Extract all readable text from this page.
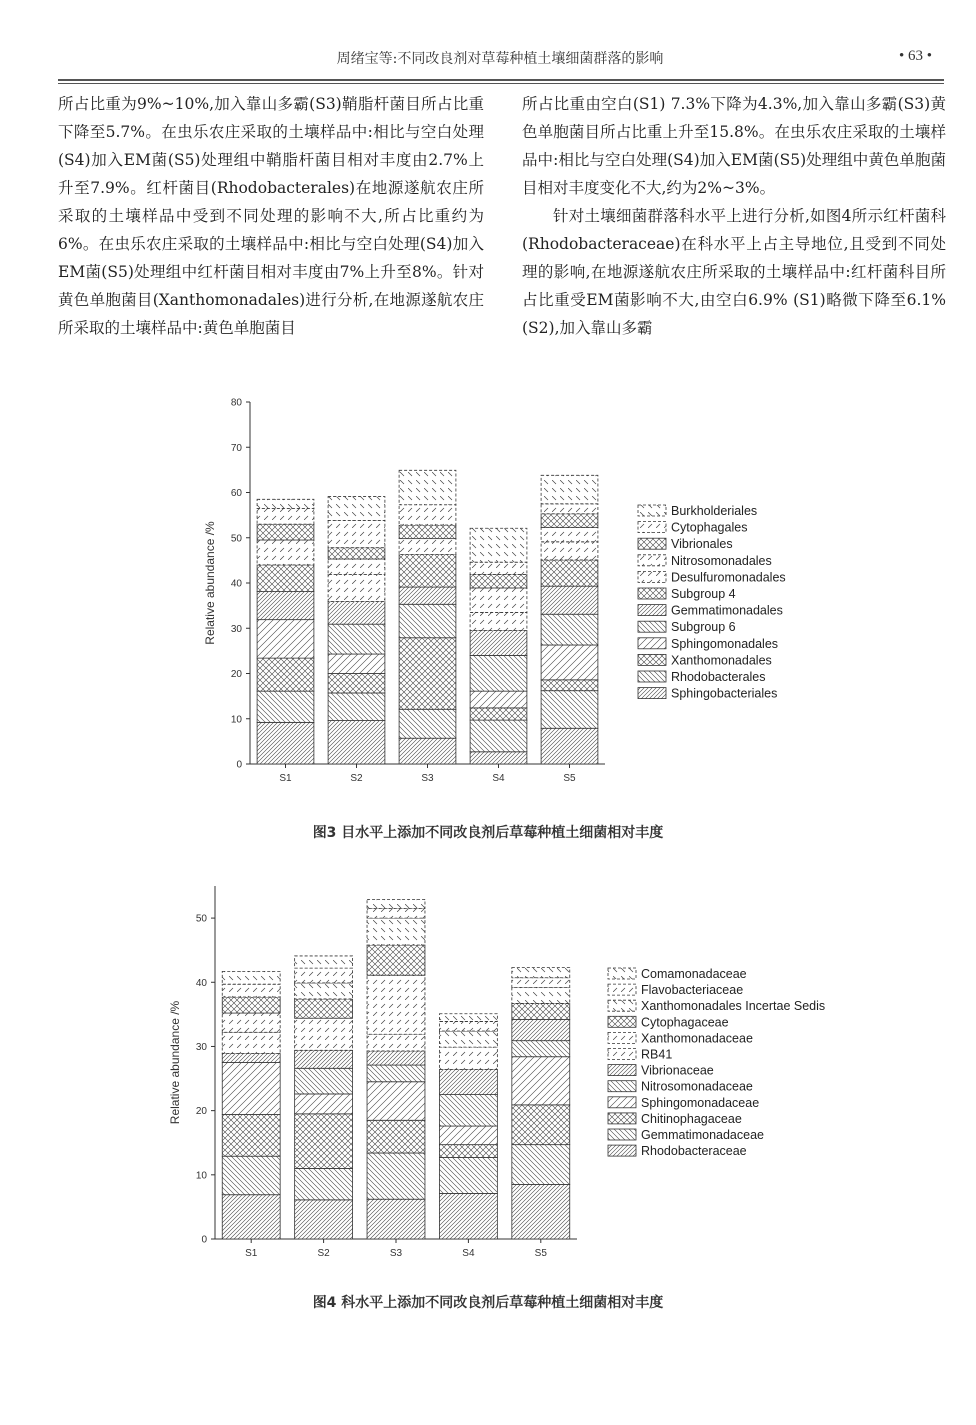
周绪宝等:不同改良剂对草莓种植土壤细菌群落的影响	• 63 •

所占比重为9%~10%,加入靠山多霸(S3)鞘脂杆菌目所占比重下降至5.7%。在虫乐农庄采取的土壤样品中:相比与空白处理(S4)加入EM菌(S5)处理组中鞘脂杆菌目相对丰度由2.7%上升至7.9%。红杆菌目(Rhodobacterales)在地源遂航农庄所采取的土壤样品中受到不同处理的影响不大,所占比重约为6%。在虫乐农庄采取的土壤样品中:相比与空白处理(S4)加入EM菌(S5)处理组中红杆菌目相对丰度由7%上升至8%。针对黄色单胞菌目(Xanthomonadales)进行分析,在地源遂航农庄所采取的土壤样品中:黄色单胞菌目

所占比重由空白(S1) 7.3%下降为4.3%,加入靠山多霸(S3)黄色单胞菌目所占比重上升至15.8%。在虫乐农庄采取的土壤样品中:相比与空白处理(S4)加入EM菌(S5)处理组中黄色单胞菌目相对丰度变化不大,约为2%~3%。

针对土壤细菌群落科水平上进行分析,如图4所示红杆菌科(Rhodobacteraceae)在科水平上占主导地位,且受到不同处理的影响,在地源遂航农庄所采取的土壤样品中:红杆菌科目所占比重受EM菌影响不大,由空白6.9% (S1)略微下降至6.1% (S2),加入靠山多霸

0
10
20
30
40
50
60
70
80
Relative abundance /%
S1	S2	S3	S4	S5
Burkholderiales
Cytophagales
Vibrionales
Nitrosomonadales
Desulfuromonadales
Subgroup 4
Gemmatimonadales
Subgroup 6
Sphingomonadales
Xanthomonadales
Rhodobacterales
Sphingobacteriales
图3 目水平上添加不同改良剂后草莓种植土细菌相对丰度
0
10
20
30
40
50
Relative abundance /%
S1	S2	S3	S4	S5
Comamonadaceae
Flavobacteriaceae
Xanthomonadales Incertae Sedis
Cytophagaceae
Xanthomonadaceae
RB41
Vibrionaceae
Nitrosomonadaceae
Sphingomonadaceae
Chitinophagaceae
Gemmatimonadaceae
Rhodobacteraceae
图4 科水平上添加不同改良剂后草莓种植土细菌相对丰度
